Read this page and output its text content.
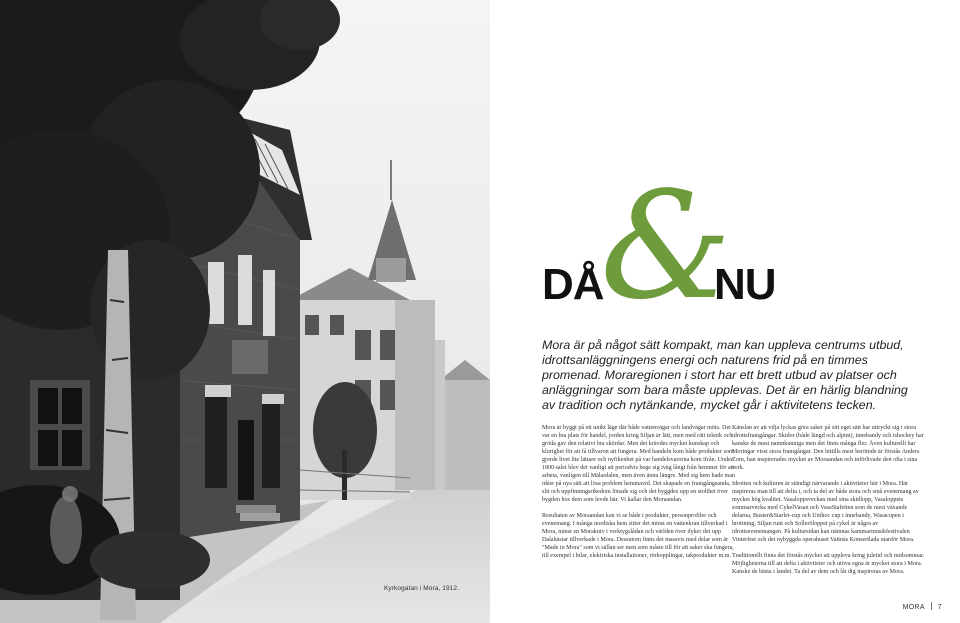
Kyrkogatan i Mora, 1912.
DÅ
&
NU

Mora är på något sätt kompakt, man kan uppleva centrums utbud, idrottsanläggningens energi och naturens frid på en timmes promenad. Moraregionen i stort har ett brett utbud av platser och anläggningar som bara måste upplevas. Det är en härlig blandning av tradition och nytänkande, mycket går i aktivitetens tecken.

Mora är byggt på ett unikt läge där både vattenvägar och landvägar möts. Det var en bra plats för handel, jorden kring Siljan är lätt, men med rätt teknik och gröda gav den relativt bra skördar. Men det krävdes mycket kunskap och klurighet för att få tillvaron att fungera. Med handeln kom både produkter som gjorde livet lite lättare och nyfikenhet på var handelsvarorna kom ifrån. Under 1800-talet blev det vanligt att periodvis bege sig iväg långt från hemmet för att arbeta, vanligen till Mälardalen, men även ännu längre. Med sig hem hade man idéer på nya sätt att lösa problem hemmavid. Det skapade en framgångsanda, slit och uppfinningsrikedom lönade sig och det byggdes upp en stolthet över bygden hos dem som levde här. Vi kallar den Moraandan.

Resultaten av Moraandan kan vi se både i produkter, personprofiler och evenemang. I många nordiska hem sitter det minst en vattenkran tillverkad i Mora, minst en Morakniv i verktygslådan och världen över dyker det upp Dalahästar tillverkade i Mora. Dessutom finns det massvis med delar som är "Made in Mora" som vi sällan ser men som måste till för att saker ska fungera, till exempel i bilar, elektriska installationer, rörkopplingar, takprodukter m.m.

Känslan av att vilja lyckas göra saker på sitt eget sätt har uttryckt sig i stora idrottsframgångar. Skidor (både längd och alpint), innebandy och ishockey har kanske de mest namnkunniga men det finns många fler. Även kulturellt har Moringar visst stora framgångar. Den hittills mest berömde är förstås Anders Zorn, han inspirerades mycket av Moraandan och införlivade den ofta i sina verk.

Idrotten och kulturen är ständigt närvarande i aktiviteter här i Mora. Här inspireras man till att delta i, och ta del av både stora och små evenemang av mycket hög kvalitet. Vasaloppsveckan med sina skidlopp, Vasaloppets sommarvecka med CykelVasan och VasaStafetten som de mest växande delarna, Buster&Starlet-cup och Unihoc cup i innebandy, Wasacupen i brottning, Siljan runt och Solleröloppet på cykel är några av idrottsevenemangen. På kultursidan kan nämnas kammarmusikfestivalen Vinterfest och det nybyggda operahuset Vattnäs Konsertlada utanför Mora.

Traditionellt finns det förstås mycket att uppleva kring juletid och midsommar. Möjligheterna till att delta i aktiviteter och utöva egna är mycket stora i Mora. Kanske de bästa i landet. Ta del av dem och låt dig inspireras av Mora.

MORA 7
